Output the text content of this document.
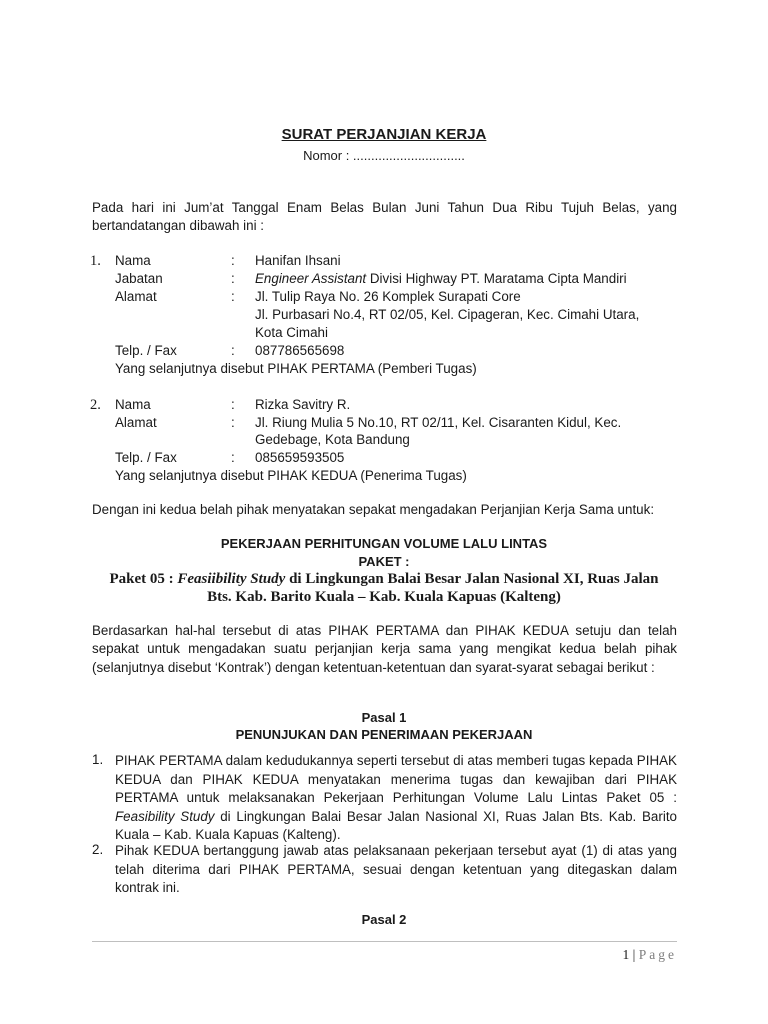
SURAT PERJANJIAN KERJA
Nomor : ...............................
Pada hari ini Jum’at Tanggal Enam Belas Bulan Juni Tahun Dua Ribu Tujuh Belas, yang bertandatangan dibawah ini :
1. Nama	: Hanifan Ihsani
Jabatan	: Engineer Assistant Divisi Highway PT. Maratama Cipta Mandiri
Alamat	: Jl. Tulip Raya No. 26 Komplek Surapati Core
Jl. Purbasari No.4, RT 02/05, Kel. Cipageran, Kec. Cimahi Utara,
Kota Cimahi
Telp. / Fax	: 087786565698
Yang selanjutnya disebut PIHAK PERTAMA (Pemberi Tugas)
2. Nama	: Rizka Savitry R.
Alamat	: Jl. Riung Mulia 5 No.10, RT 02/11, Kel. Cisaranten Kidul, Kec.
Gedebage, Kota Bandung
Telp. / Fax	: 085659593505
Yang selanjutnya disebut PIHAK KEDUA (Penerima Tugas)
Dengan ini kedua belah pihak menyatakan sepakat mengadakan Perjanjian Kerja Sama untuk:
PEKERJAAN PERHITUNGAN VOLUME LALU LINTAS
PAKET :
Paket 05 : Feasiibility Study di Lingkungan Balai Besar Jalan Nasional XI, Ruas Jalan
Bts. Kab. Barito Kuala – Kab. Kuala Kapuas (Kalteng)
Berdasarkan hal-hal tersebut di atas PIHAK PERTAMA dan PIHAK KEDUA setuju dan telah sepakat untuk mengadakan suatu perjanjian kerja sama yang mengikat kedua belah pihak (selanjutnya disebut ‘Kontrak’) dengan ketentuan-ketentuan dan syarat-syarat sebagai berikut :
Pasal 1
PENUNJUKAN DAN PENERIMAAN PEKERJAAN
1. PIHAK PERTAMA dalam kedudukannya seperti tersebut di atas memberi tugas kepada PIHAK KEDUA dan PIHAK KEDUA menyatakan menerima tugas dan kewajiban dari PIHAK PERTAMA untuk melaksanakan Pekerjaan Perhitungan Volume Lalu Lintas Paket 05 : Feasibility Study di Lingkungan Balai Besar Jalan Nasional XI, Ruas Jalan Bts. Kab. Barito Kuala – Kab. Kuala Kapuas (Kalteng).
2. Pihak KEDUA bertanggung jawab atas pelaksanaan pekerjaan tersebut ayat (1) di atas yang telah diterima dari PIHAK PERTAMA, sesuai dengan ketentuan yang ditegaskan dalam kontrak ini.
Pasal 2
1 | Page
